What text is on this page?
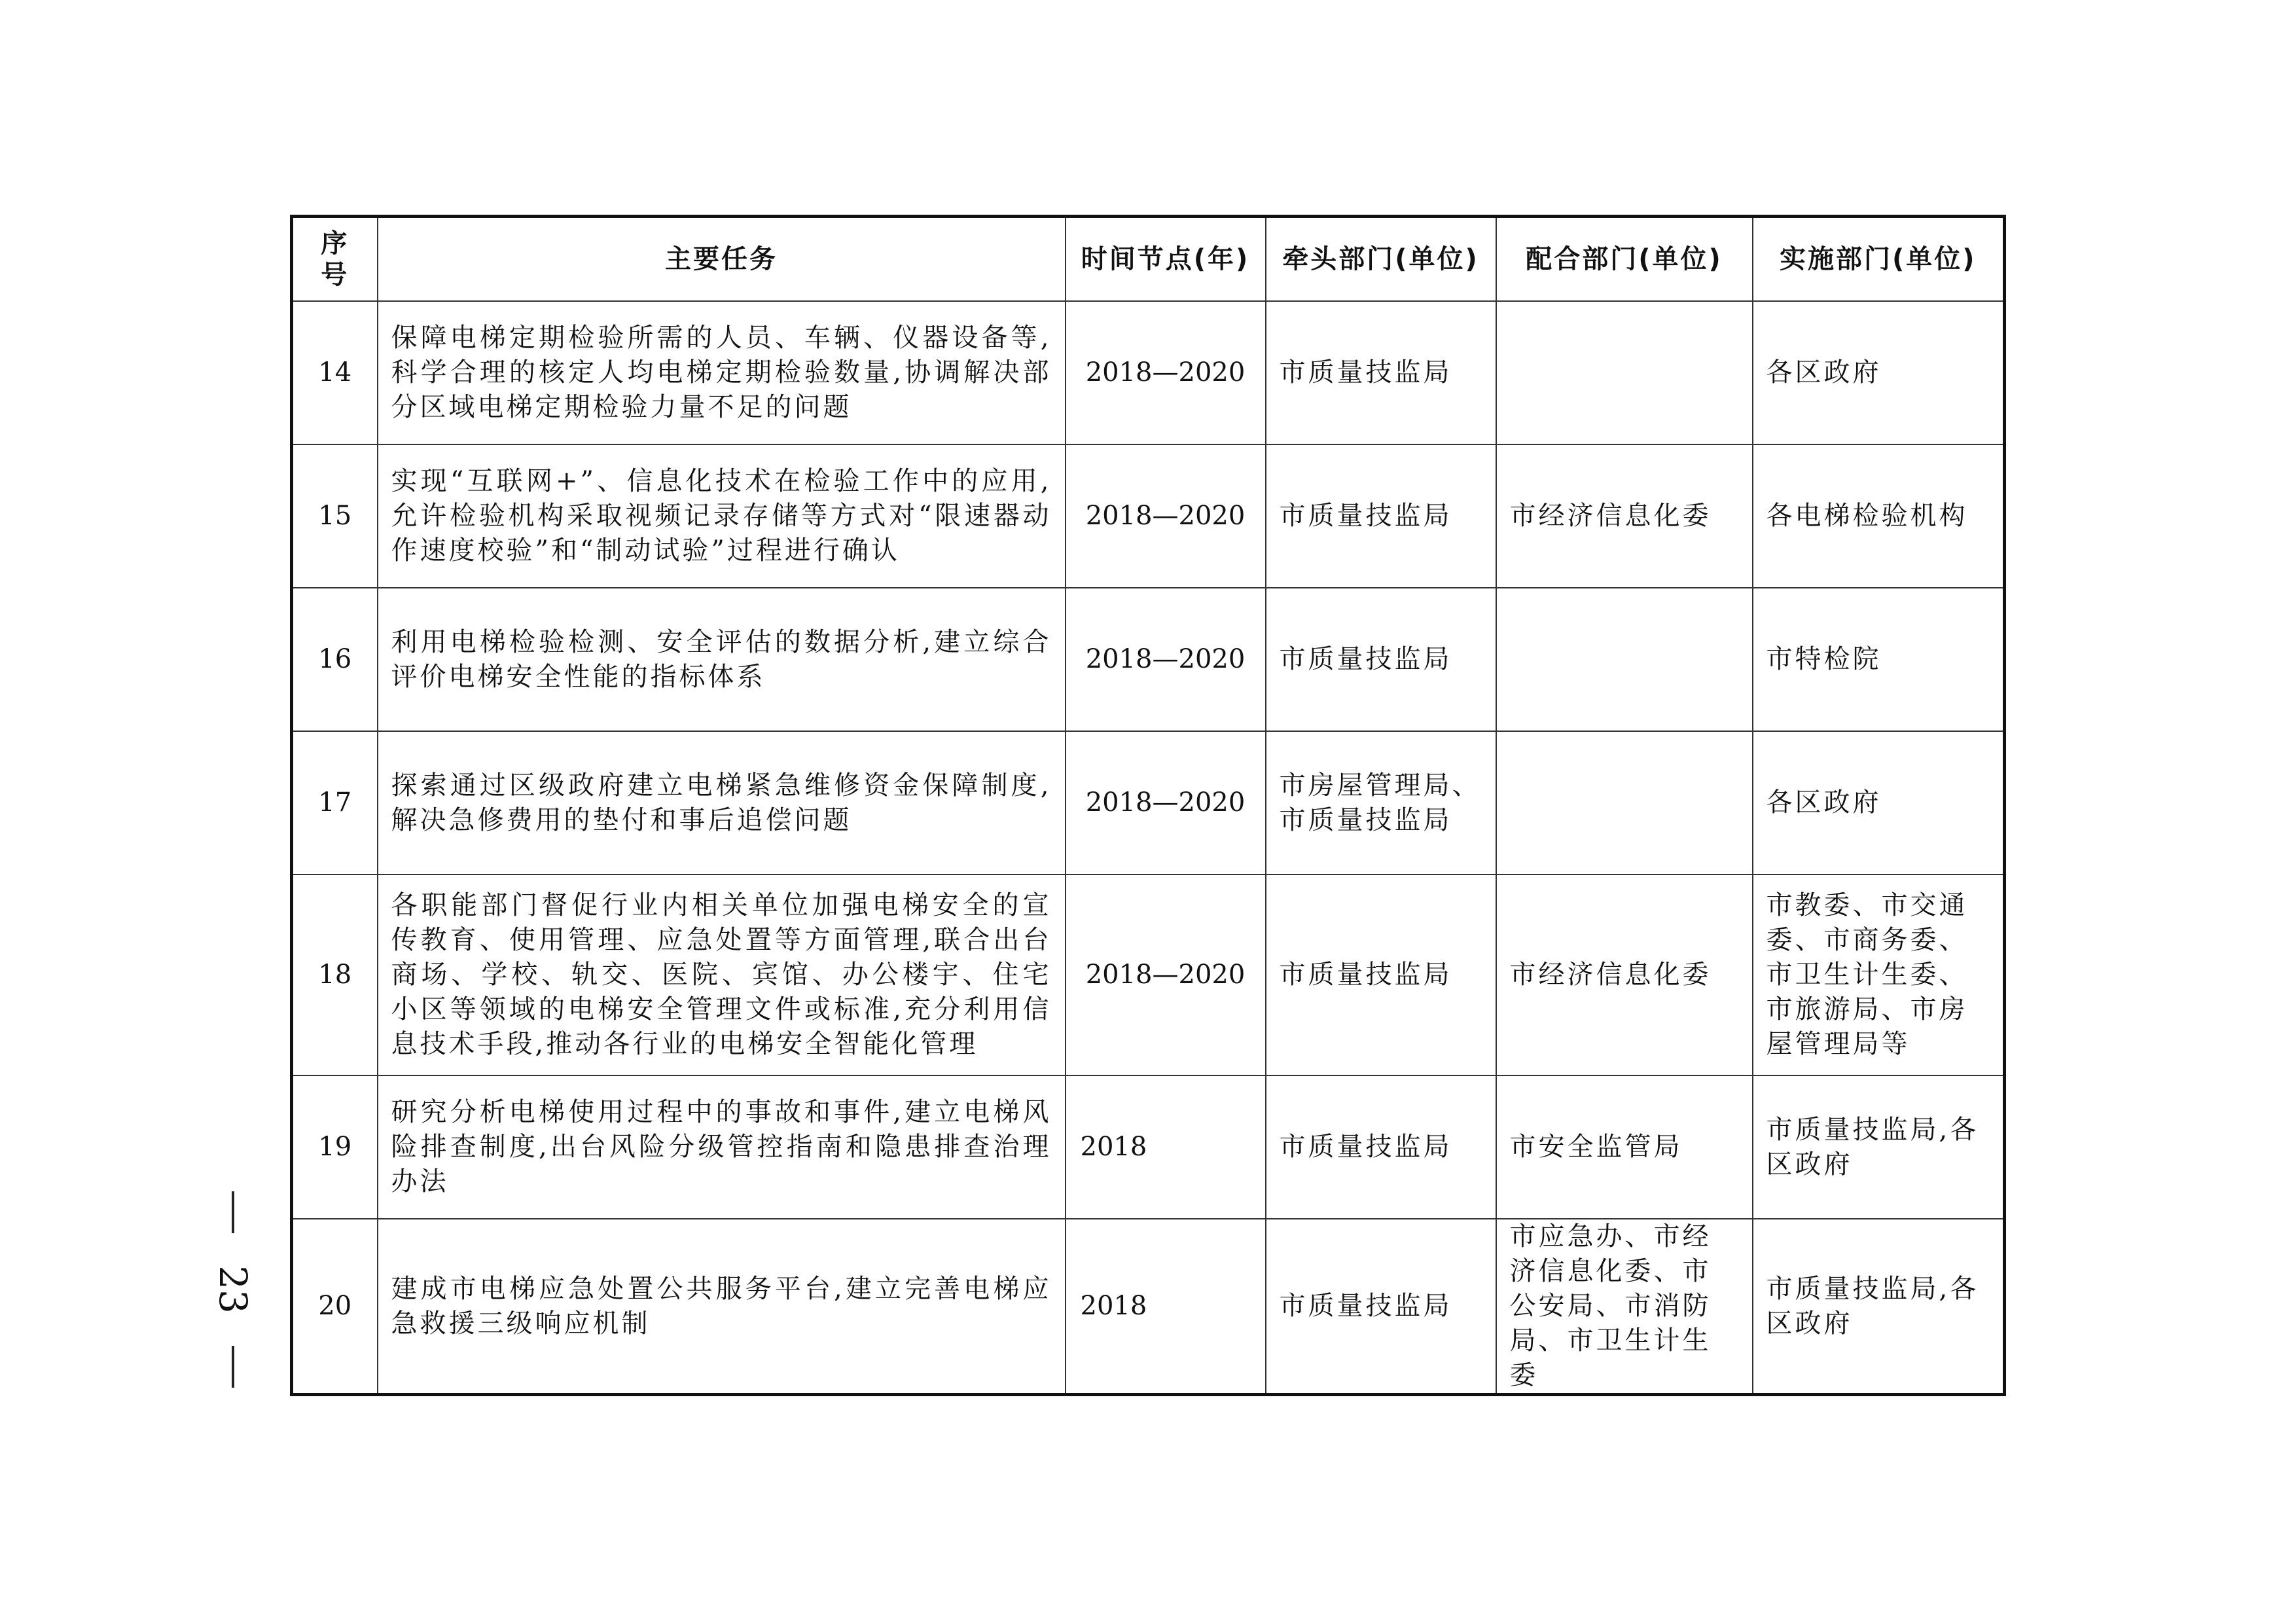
序号	主要任务	时间节点(年)	牵头部门(单位)	配合部门(单位)	实施部门(单位)
14	保障电梯定期检验所需的人员、车辆、仪器设备等,科学合理的核定人均电梯定期检验数量,协调解决部分区域电梯定期检验力量不足的问题	2018—2020	市质量技监局		各区政府
15	实现“互联网+”、信息化技术在检验工作中的应用,允许检验机构采取视频记录存储等方式对“限速器动作速度校验”和“制动试验”过程进行确认	2018—2020	市质量技监局	市经济信息化委	各电梯检验机构
16	利用电梯检验检测、安全评估的数据分析,建立综合评价电梯安全性能的指标体系	2018—2020	市质量技监局		市特检院
17	探索通过区级政府建立电梯紧急维修资金保障制度,解决急修费用的垫付和事后追偿问题	2018—2020	市房屋管理局、市质量技监局		各区政府
18	各职能部门督促行业内相关单位加强电梯安全的宣传教育、使用管理、应急处置等方面管理,联合出台商场、学校、轨交、医院、宾馆、办公楼宇、住宅小区等领域的电梯安全管理文件或标准,充分利用信息技术手段,推动各行业的电梯安全智能化管理	2018—2020	市质量技监局	市经济信息化委	市教委、市交通委、市商务委、市卫生计生委、市旅游局、市房屋管理局等
19	研究分析电梯使用过程中的事故和事件,建立电梯风险排查制度,出台风险分级管控指南和隐患排查治理办法	2018	市质量技监局	市安全监管局	市质量技监局,各区政府
20	建成市电梯应急处置公共服务平台,建立完善电梯应急救援三级响应机制	2018	市质量技监局	市应急办、市经济信息化委、市公安局、市消防局、市卫生计生委	市质量技监局,各区政府
23
